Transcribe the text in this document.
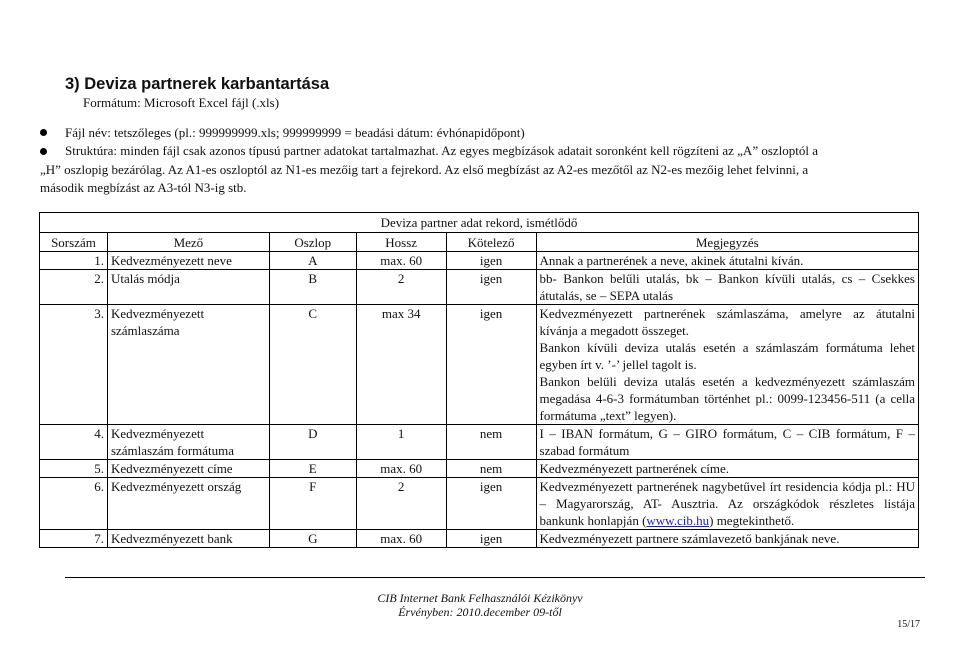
3) Deviza partnerek karbantartása
Formátum: Microsoft Excel fájl (.xls)
Fájl név: tetszőleges (pl.: 999999999.xls; 999999999 = beadási dátum: évhónapidőpont)
Struktúra: minden fájl csak azonos típusú partner adatokat tartalmazhat. Az egyes megbízások adatait soronként kell rögzíteni az „A” oszloptól a
„H” oszlopig bezárólag. Az A1-es oszloptól az N1-es mezőig tart a fejrekord. Az első megbízást az A2-es mezőtől az N2-es mezőig lehet felvinni, a
második megbízást az A3-tól N3-ig stb.
Deviza partner adat rekord, ismétlődő					
Sorszám	Mező	Oszlop	Hossz	Kötelező	Megjegyzés
1.	Kedvezményezett neve	A	max. 60	igen	Annak a partnerének a neve, akinek átutalni kíván.
2.	Utalás módja	B	2	igen	bb- Bankon belűli utalás, bk – Bankon kívüli utalás, cs – Csekkes átutalás, se – SEPA utalás
3.	Kedvezményezett számlaszáma	C	max 34	igen	Kedvezményezett partnerének számlaszáma, amelyre az átutalni kívánja a megadott összeget.
Bankon kívüli deviza utalás esetén a számlaszám formátuma lehet egyben írt v. ’-’ jellel tagolt is.
Bankon belüli deviza utalás esetén a kedvezményezett számlaszám megadása 4-6-3 formátumban történhet pl.: 0099-123456-511 (a cella formátuma „text” legyen).

4.	Kedvezményezett számlaszám formátuma	D	1	nem	I – IBAN formátum, G – GIRO formátum, C – CIB formátum, F – szabad formátum
5.	Kedvezményezett címe	E	max. 60	nem	Kedvezményezett partnerének címe.
6.	Kedvezményezett ország	F	2	igen	Kedvezményezett partnerének nagybetűvel írt residencia kódja pl.: HU – Magyarország, AT- Ausztria. Az országkódok részletes listája bankunk honlapján (www.cib.hu) megtekinthető.
7.	Kedvezményezett bank	G	max. 60	igen	Kedvezményezett partnere számlavezető bankjának neve.
CIB Internet Bank Felhasználói Kézikönyv
Érvényben: 2010.december 09-től
15/17
